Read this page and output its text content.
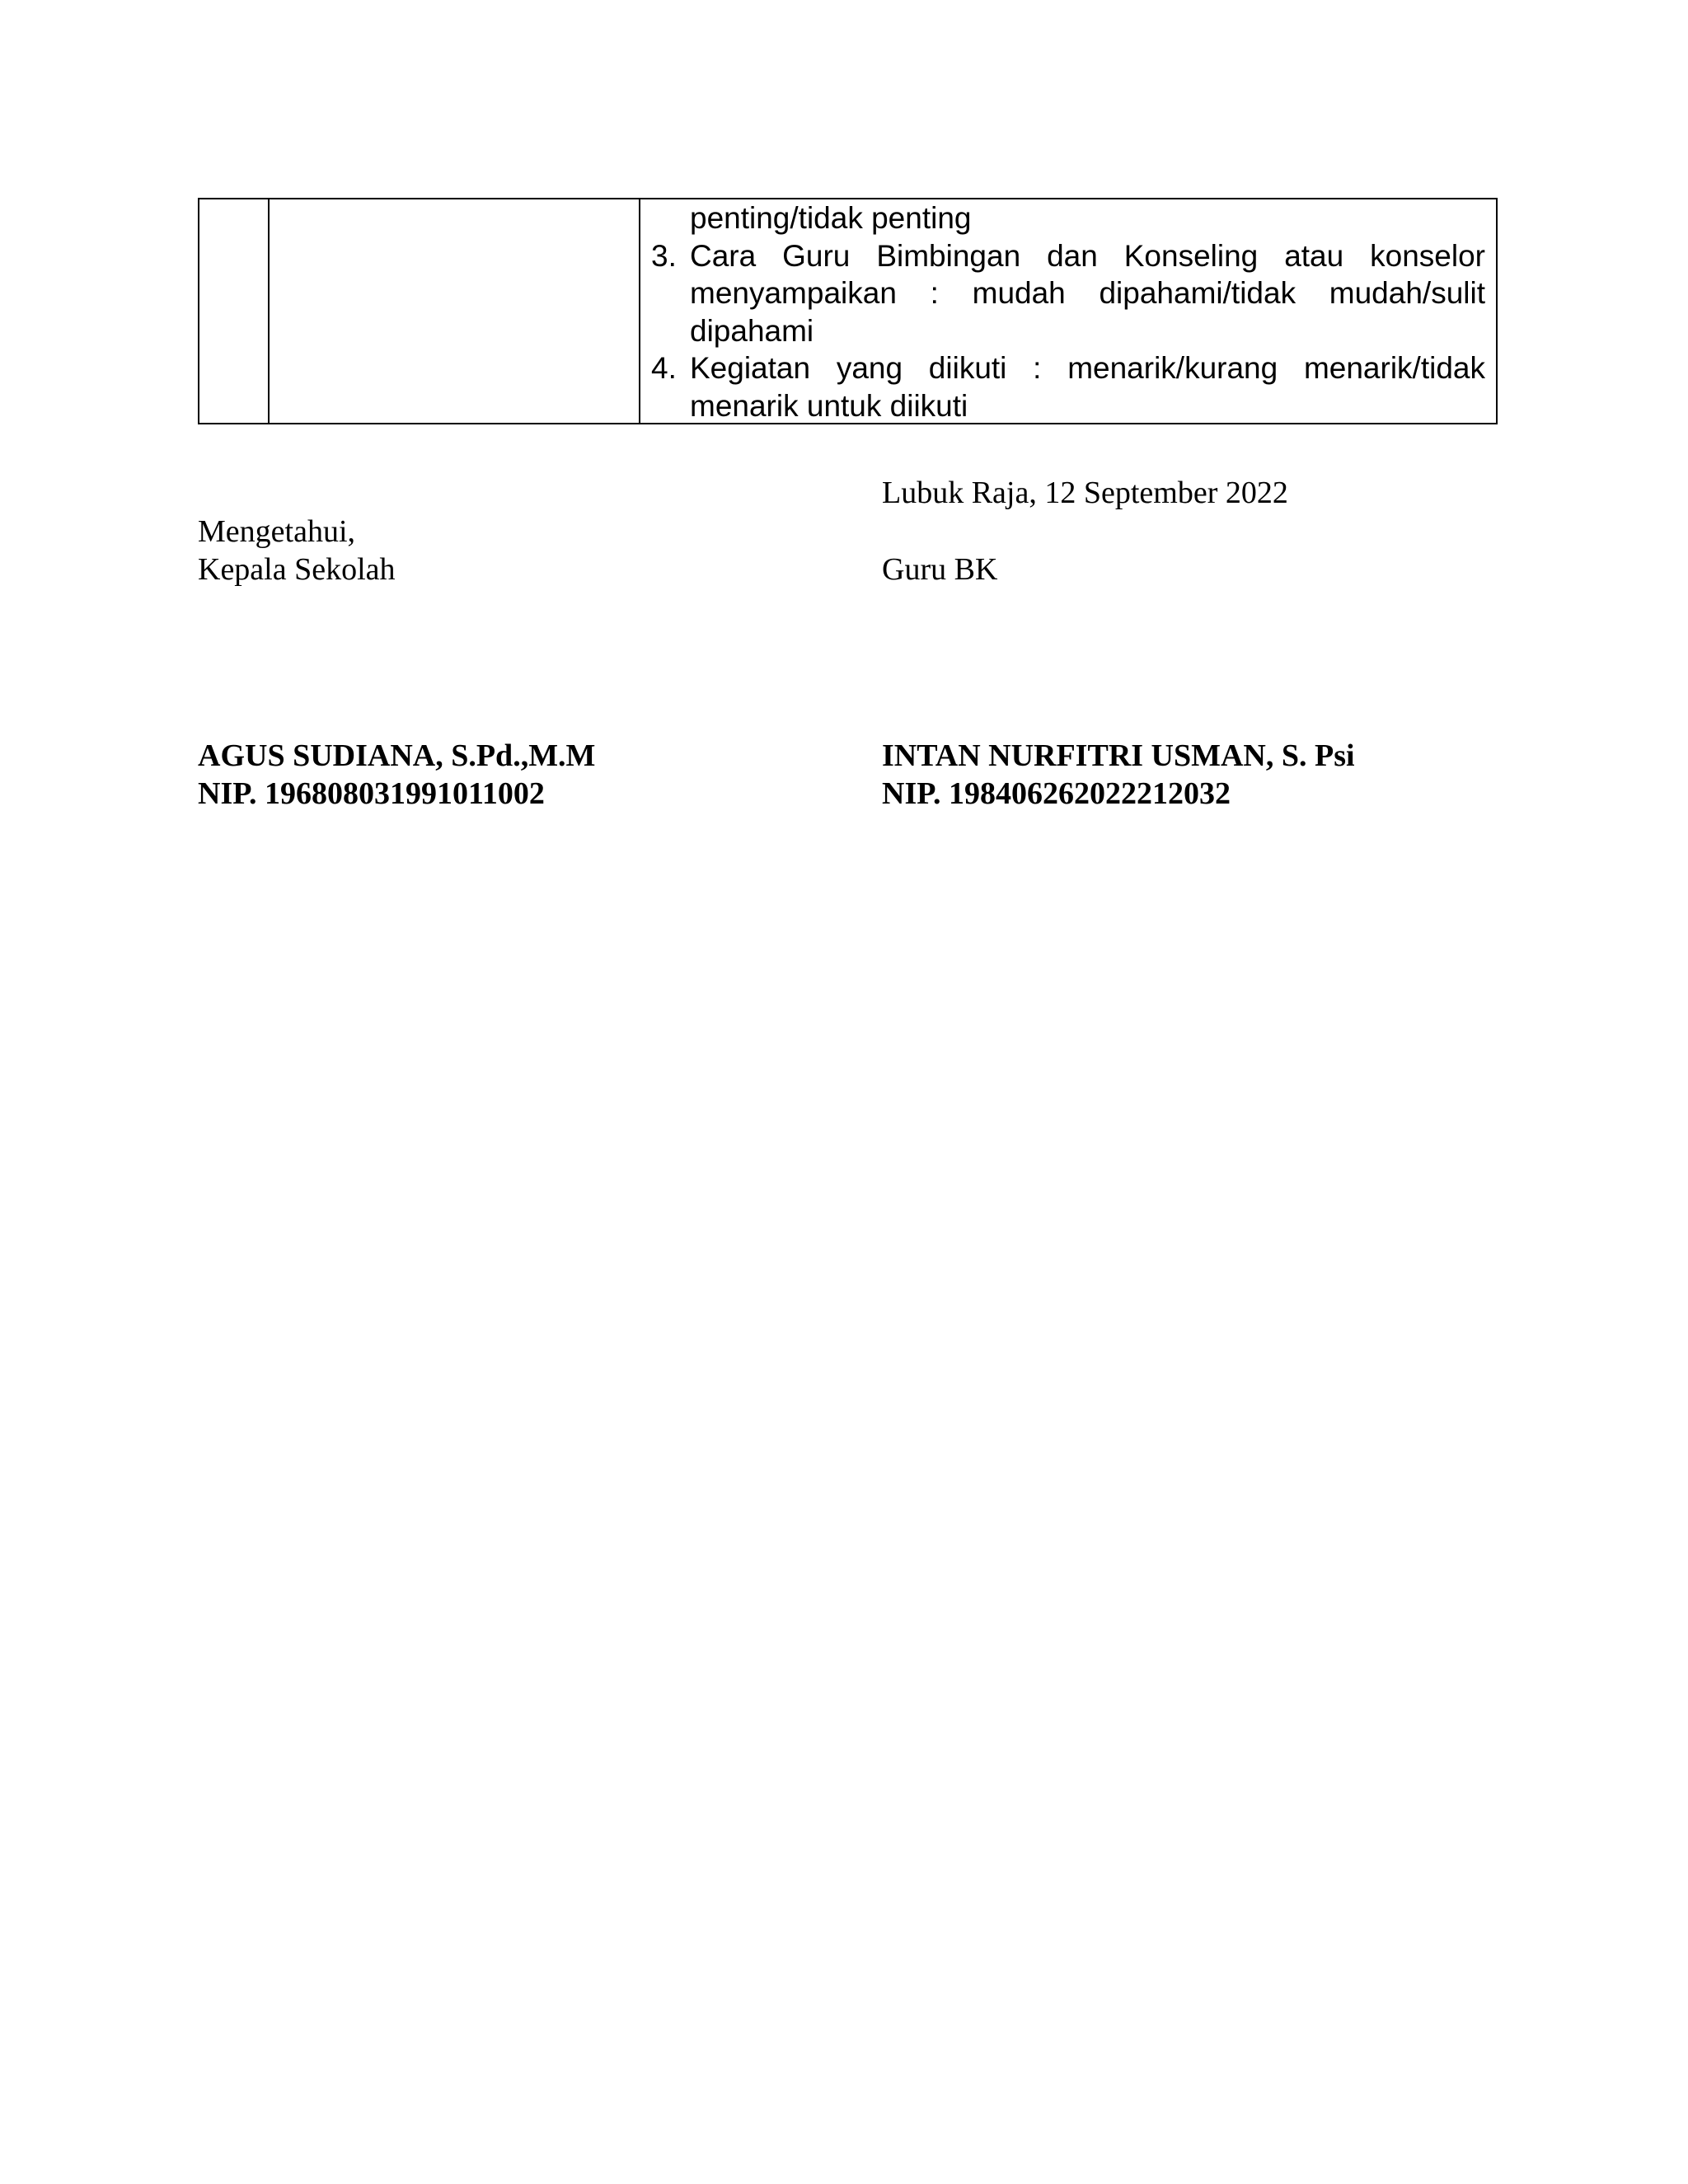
penting/tidak penting
3. Cara Guru Bimbingan dan Konseling atau konselor menyampaikan : mudah dipahami/tidak mudah/sulit dipahami
4. Kegiatan yang diikuti : menarik/kurang menarik/tidak menarik untuk diikuti
Lubuk Raja, 12 September 2022
Mengetahui,
Kepala Sekolah	Guru BK
AGUS SUDIANA, S.Pd.,M.M
NIP. 196808031991011002
INTAN NURFITRI USMAN, S. Psi
NIP. 198406262022212032
